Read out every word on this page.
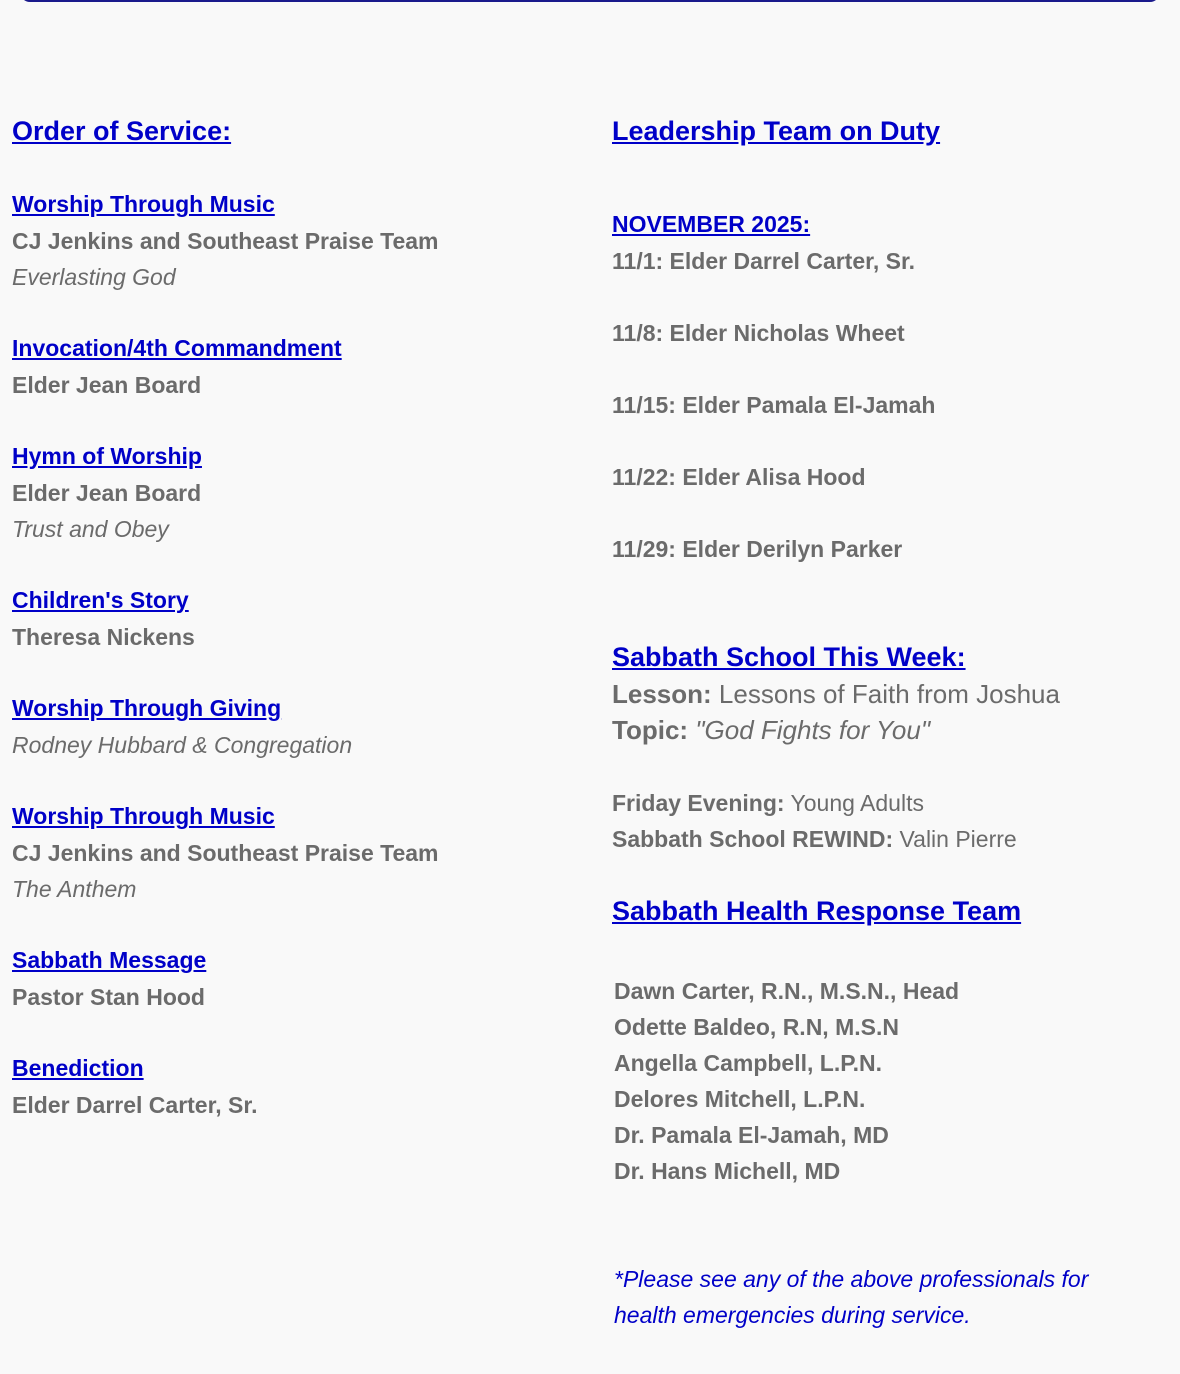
Order of Service:
Worship Through Music
CJ Jenkins and Southeast Praise Team
Everlasting God
Invocation/4th Commandment
Elder Jean Board
Hymn of Worship
Elder Jean Board
Trust and Obey
Children's Story
Theresa Nickens
Worship Through Giving
Rodney Hubbard & Congregation
Worship Through Music
CJ Jenkins and Southeast Praise Team
The Anthem
Sabbath Message
Pastor Stan Hood
Benediction
Elder Darrel Carter, Sr.
Leadership Team on Duty
NOVEMBER 2025:
11/1: Elder Darrel Carter, Sr.
11/8: Elder Nicholas Wheet
11/15: Elder Pamala El-Jamah
11/22: Elder Alisa Hood
11/29: Elder Derilyn Parker
Sabbath School This Week:
Lesson: Lessons of Faith from Joshua
Topic: "God Fights for You"
Friday Evening: Young Adults
Sabbath School REWIND: Valin Pierre
Sabbath Health Response Team
Dawn Carter, R.N., M.S.N., Head
Odette Baldeo, R.N, M.S.N
Angella Campbell, L.P.N.
Delores Mitchell, L.P.N.
Dr. Pamala El-Jamah, MD
Dr. Hans Michell, MD
*Please see any of the above professionals for health emergencies during service.
